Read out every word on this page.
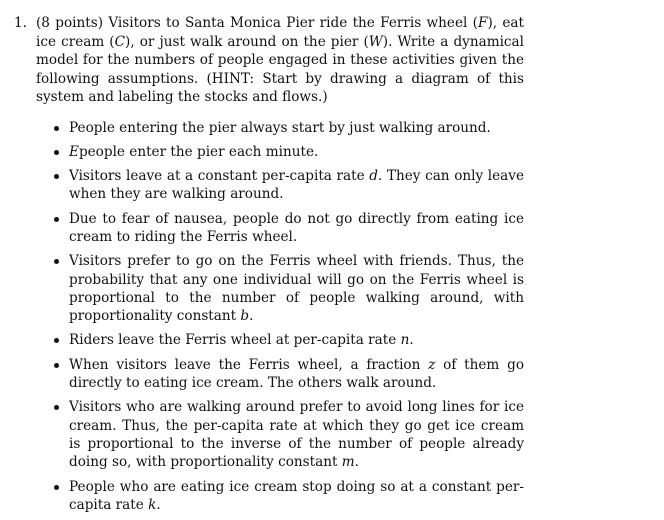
1. (8 points) Visitors to Santa Monica Pier ride the Ferris wheel (F), eat ice cream (C), or just walk around on the pier (W). Write a dynamical model for the numbers of people engaged in these activities given the following assumptions. (HINT: Start by drawing a diagram of this system and labeling the stocks and flows.)
People entering the pier always start by just walking around.
Epeople enter the pier each minute.
Visitors leave at a constant per-capita rate d. They can only leave when they are walking around.
Due to fear of nausea, people do not go directly from eating ice cream to riding the Ferris wheel.
Visitors prefer to go on the Ferris wheel with friends. Thus, the probability that any one individual will go on the Ferris wheel is proportional to the number of people walking around, with proportionality constant b.
Riders leave the Ferris wheel at per-capita rate n.
When visitors leave the Ferris wheel, a fraction z of them go directly to eating ice cream. The others walk around.
Visitors who are walking around prefer to avoid long lines for ice cream. Thus, the per-capita rate at which they go get ice cream is proportional to the inverse of the number of people already doing so, with proportionality constant m.
People who are eating ice cream stop doing so at a constant per-capita rate k.
